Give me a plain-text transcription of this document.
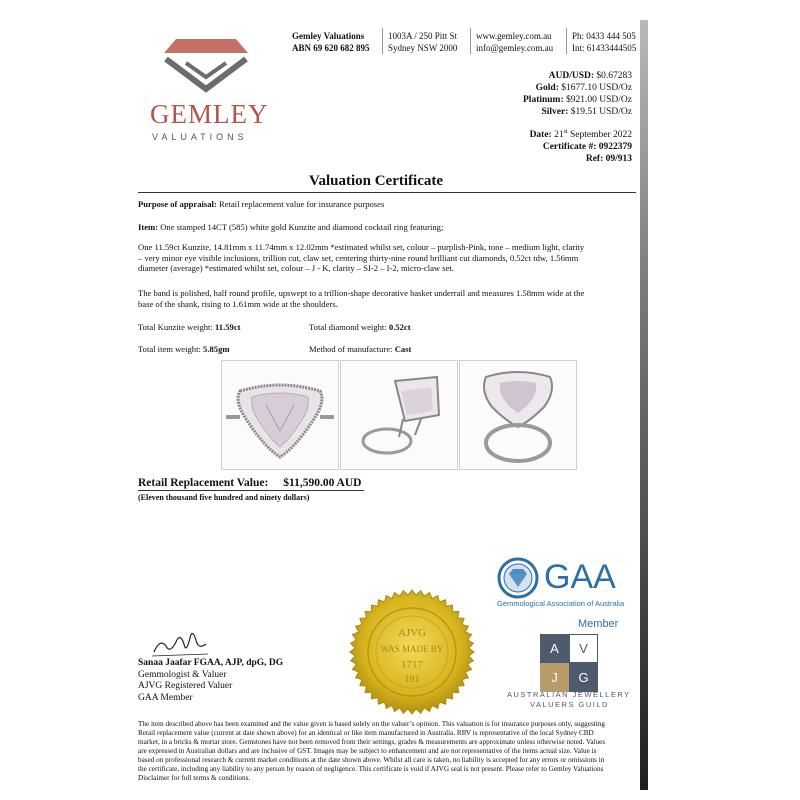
GEMLEY
VALUATIONS
Gemley Valuations
ABN 69 620 682 895
1003A / 250 Pitt St
Sydney NSW 2000
www.gemley.com.au
info@gemley.com.au
Ph: 0433 444 505
Int: 61433444505
AUD/USD: $0.67283
Gold: $1677.10 USD/Oz
Platinum: $921.00 USD/Oz
Silver: $19.51 USD/Oz
Date: 21st September 2022
Certificate #: 0922379
Ref: 09/913
Valuation Certificate
Purpose of appraisal: Retail replacement value for insurance purposes
Item: One stamped 14CT (585) white gold Kunzite and diamond cocktail ring featuring;
One 11.59ct Kunzite, 14.81mm x 11.74mm x 12.02mm *estimated whilst set, colour – purplish-Pink, tone – medium light, clarity
– very minor eye visible inclusions, trillion cut, claw set, centering thirty-nine round brilliant cut diamonds, 0.52ct tdw, 1.56mm
diameter (average) *estimated whilst set, colour – J - K, clarity – SI-2 – I-2, micro-claw set.
The band is polished, half round profile, upswept to a trillion-shape decorative basket underrail and measures 1.58mm wide at the
base of the shank, rising to 1.61mm wide at the shoulders.
Total Kunzite weight: 11.59ct	Total diamond weight: 0.52ct
Total item weight: 5.85gm	Method of manufacture: Cast
Retail Replacement Value: $11,590.00 AUD
(Eleven thousand five hundred and ninety dollars)
GAA
Gemmological Association of Australia
Member
A	V
J	G
AUSTRALIAN JEWELLERY
VALUERS GUILD
AJVG
WAS MADE BY
1717
191
Sanaa Jaafar FGAA, AJP, dpG, DG
Gemmologist & Valuer
AJVG Registered Valuer
GAA Member
The item described above has been examined and the value given is based solely on the valuer’s opinion. This valuation is for insurance purposes only, suggesting
Retail replacement value (current at date shown above) for an identical or like item manufactured in Australia. RRV is representative of the local Sydney CBD
market, in a bricks & mortar store. Gemstones have not been removed from their settings, grades & measurements are approximate unless otherwise noted. Values
are expressed in Australian dollars and are inclusive of GST. Images may be subject to enhancement and are not representative of the items actual size. Value is
based on professional research & current market conditions at the date shown above. Whilst all care is taken, no liability is accepted for any errors or omissions in
the certificate, including any liability to any person by reason of negligence. This certificate is void if AJVG seal is not present. Please refer to Gemley Valuations
Disclaimer for full terms & conditions.
